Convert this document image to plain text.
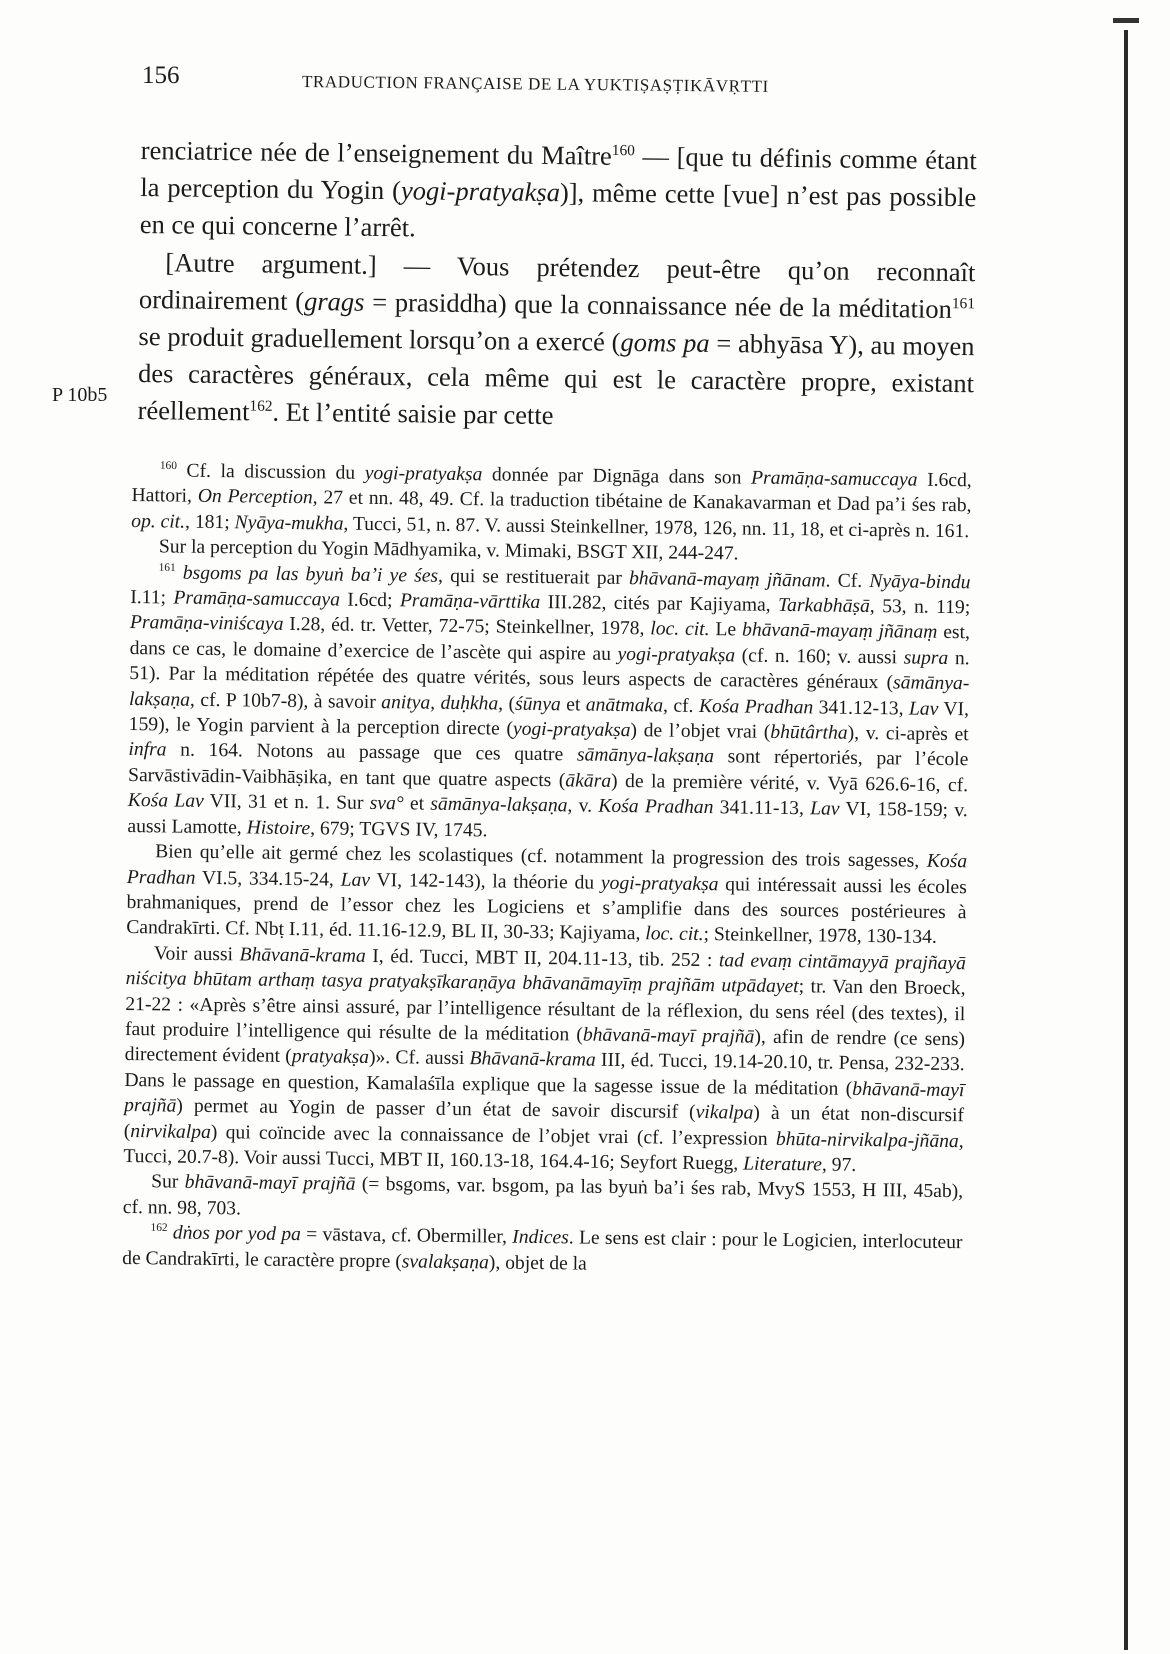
156	TRADUCTION FRANÇAISE DE LA YUKTIṢAṢṬIKĀVṚTTI
P 10b5

renciatrice née de l’enseignement du Maître$^{160}$ — [que tu définis comme étant la perception du Yogin (yogi-pratyakṣa)], même cette [vue] n’est pas possible en ce qui concerne l’arrêt.

[Autre argument.] — Vous prétendez peut-être qu’on reconnaît ordinairement (grags = prasiddha) que la connaissance née de la méditation$^{161}$ se produit graduellement lorsqu’on a exercé (goms pa = abhyāsa Y), au moyen des caractères généraux, cela même qui est le caractère propre, existant réellement$^{162}$. Et l’entité saisie par cette

$^{160}$ Cf. la discussion du yogi-pratyakṣa donnée par Dignāga dans son Pramāṇa-samuccaya I.6cd, Hattori, On Perception, 27 et nn. 48, 49. Cf. la traduction tibétaine de Kanakavarman et Dad pa’i śes rab, op. cit., 181; Nyāya-mukha, Tucci, 51, n. 87. V. aussi Steinkellner, 1978, 126, nn. 11, 18, et ci-après n. 161.

Sur la perception du Yogin Mādhyamika, v. Mimaki, BSGT XII, 244-247.

$^{161}$ bsgoms pa las byuṅ ba’i ye śes, qui se restituerait par bhāvanā-mayaṃ jñānam. Cf. Nyāya-bindu I.11; Pramāṇa-samuccaya I.6cd; Pramāṇa-vārttika III.282, cités par Kajiyama, Tarkabhāṣā, 53, n. 119; Pramāṇa-viniścaya I.28, éd. tr. Vetter, 72-75; Steinkellner, 1978, loc. cit. Le bhāvanā-mayaṃ jñānaṃ est, dans ce cas, le domaine d’exercice de l’ascète qui aspire au yogi-pratyakṣa (cf. n. 160; v. aussi supra n. 51). Par la méditation répétée des quatre vérités, sous leurs aspects de caractères généraux (sāmānya-lakṣaṇa, cf. P 10b7-8), à savoir anitya, duḥkha, (śūnya et anātmaka, cf. Kośa Pradhan 341.12-13, Lav VI, 159), le Yogin parvient à la perception directe (yogi-pratyakṣa) de l’objet vrai (bhūtârtha), v. ci-après et infra n. 164. Notons au passage que ces quatre sāmānya-lakṣaṇa sont répertoriés, par l’école Sarvāstivādin-Vaibhāṣika, en tant que quatre aspects (ākāra) de la première vérité, v. Vyā 626.6-16, cf. Kośa Lav VII, 31 et n. 1. Sur sva° et sāmānya-lakṣaṇa, v. Kośa Pradhan 341.11-13, Lav VI, 158-159; v. aussi Lamotte, Histoire, 679; TGVS IV, 1745.

Bien qu’elle ait germé chez les scolastiques (cf. notamment la progression des trois sagesses, Kośa Pradhan VI.5, 334.15-24, Lav VI, 142-143), la théorie du yogi-pratyakṣa qui intéressait aussi les écoles brahmaniques, prend de l’essor chez les Logiciens et s’amplifie dans des sources postérieures à Candrakīrti. Cf. Nbṭ I.11, éd. 11.16-12.9, BL II, 30-33; Kajiyama, loc. cit.; Steinkellner, 1978, 130-134.

Voir aussi Bhāvanā-krama I, éd. Tucci, MBT II, 204.11-13, tib. 252 : tad evaṃ cintāmayyā prajñayā niścitya bhūtam arthaṃ tasya pratyakṣīkaraṇāya bhāvanāmayīṃ prajñām utpādayet; tr. Van den Broeck, 21-22 : «Après s’être ainsi assuré, par l’intelligence résultant de la réflexion, du sens réel (des textes), il faut produire l’intelligence qui résulte de la méditation (bhāvanā-mayī prajñā), afin de rendre (ce sens) directement évident (pratyakṣa)». Cf. aussi Bhāvanā-krama III, éd. Tucci, 19.14-20.10, tr. Pensa, 232-233. Dans le passage en question, Kamalaśīla explique que la sagesse issue de la méditation (bhāvanā-mayī prajñā) permet au Yogin de passer d’un état de savoir discursif (vikalpa) à un état non-discursif (nirvikalpa) qui coïncide avec la connaissance de l’objet vrai (cf. l’expression bhūta-nirvikalpa-jñāna, Tucci, 20.7-8). Voir aussi Tucci, MBT II, 160.13-18, 164.4-16; Seyfort Ruegg, Literature, 97.

Sur bhāvanā-mayī prajñā (= bsgoms, var. bsgom, pa las byuṅ ba’i śes rab, MvyS 1553, H III, 45ab), cf. nn. 98, 703.

$^{162}$ dṅos por yod pa = vāstava, cf. Obermiller, Indices. Le sens est clair : pour le Logicien, interlocuteur de Candrakīrti, le caractère propre (svalakṣaṇa), objet de la
